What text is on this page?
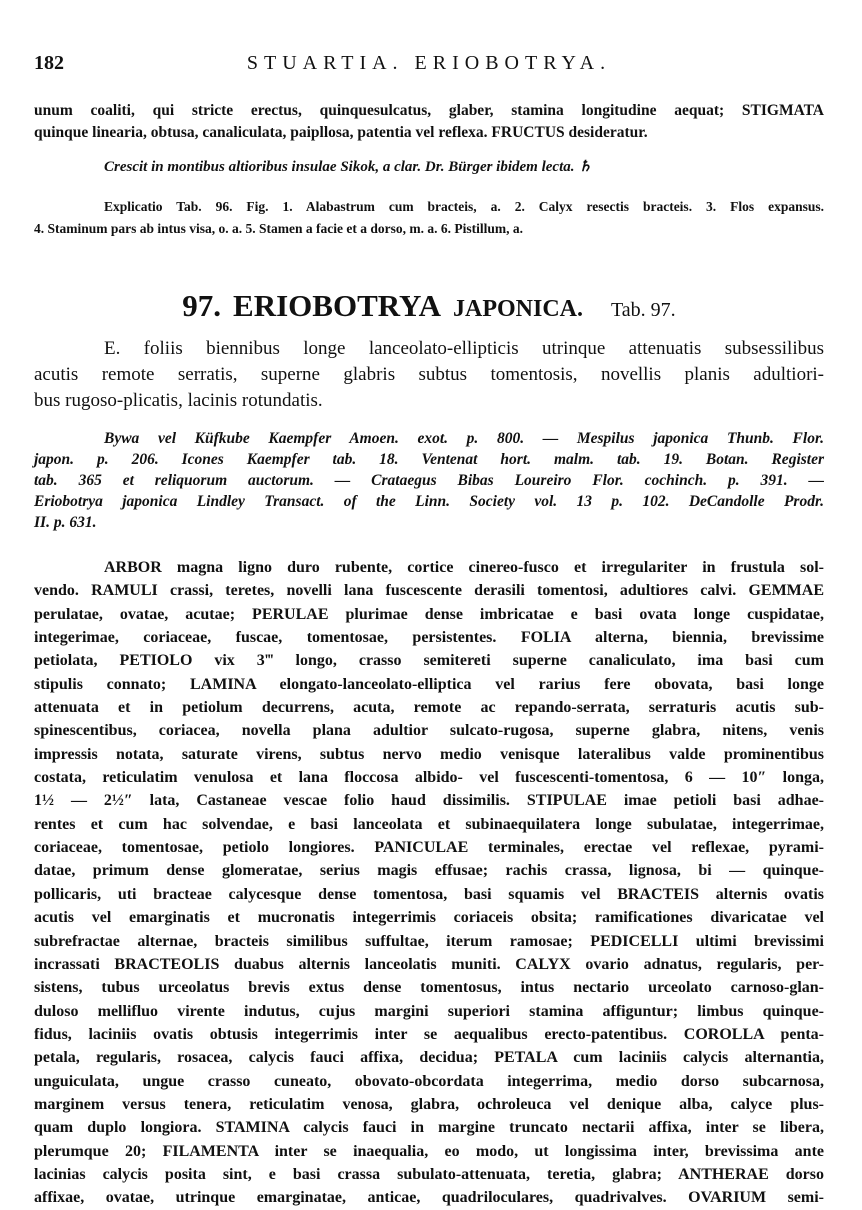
182	STUARTIA. ERIOBOTRYA.

unum coaliti, qui stricte erectus, quinquesulcatus, glaber, stamina longitudine aequat; STIGMATA

quinque linearia, obtusa, canaliculata, paipllosa, patentia vel reflexa. FRUCTUS desideratur.

Crescit in montibus altioribus insulae Sikok, a clar. Dr. Bürger ibidem lecta. ♄

Explicatio Tab. 96. Fig. 1. Alabastrum cum bracteis, a. 2. Calyx resectis bracteis. 3. Flos expansus.

4. Staminum pars ab intus visa, o. a. 5. Stamen a facie et a dorso, m. a. 6. Pistillum, a.

97. ERIOBOTRYA JAPONICA. Tab. 97.

E. foliis biennibus longe lanceolato-ellipticis utrinque attenuatis subsessilibus

acutis remote serratis, superne glabris subtus tomentosis, novellis planis adultiori-

bus rugoso-plicatis, lacinis rotundatis.

Bywa vel Küfkube Kaempfer Amoen. exot. p. 800. — Mespilus japonica Thunb. Flor.

japon. p. 206. Icones Kaempfer tab. 18. Ventenat hort. malm. tab. 19. Botan. Register

tab. 365 et reliquorum auctorum. — Crataegus Bibas Loureiro Flor. cochinch. p. 391. —

Eriobotrya japonica Lindley Transact. of the Linn. Society vol. 13 p. 102. DeCandolle Prodr.

II. p. 631.

ARBOR magna ligno duro rubente, cortice cinereo-fusco et irregulariter in frustula sol-

vendo. RAMULI crassi, teretes, novelli lana fuscescente derasili tomentosi, adultiores calvi. GEMMAE

perulatae, ovatae, acutae; PERULAE plurimae dense imbricatae e basi ovata longe cuspidatae,

integerimae, coriaceae, fuscae, tomentosae, persistentes. FOLIA alterna, biennia, brevissime

petiolata, PETIOLO vix 3‴ longo, crasso semitereti superne canaliculato, ima basi cum

stipulis connato; LAMINA elongato-lanceolato-elliptica vel rarius fere obovata, basi longe

attenuata et in petiolum decurrens, acuta, remote ac repando-serrata, serraturis acutis sub-

spinescentibus, coriacea, novella plana adultior sulcato-rugosa, superne glabra, nitens, venis

impressis notata, saturate virens, subtus nervo medio venisque lateralibus valde prominentibus

costata, reticulatim venulosa et lana floccosa albido- vel fuscescenti-tomentosa, 6 — 10″ longa,

1½ — 2½″ lata, Castaneae vescae folio haud dissimilis. STIPULAE imae petioli basi adhae-

rentes et cum hac solvendae, e basi lanceolata et subinaequilatera longe subulatae, integerrimae,

coriaceae, tomentosae, petiolo longiores. PANICULAE terminales, erectae vel reflexae, pyrami-

datae, primum dense glomeratae, serius magis effusae; rachis crassa, lignosa, bi — quinque-

pollicaris, uti bracteae calycesque dense tomentosa, basi squamis vel BRACTEIS alternis ovatis

acutis vel emarginatis et mucronatis integerrimis coriaceis obsita; ramificationes divaricatae vel

subrefractae alternae, bracteis similibus suffultae, iterum ramosae; PEDICELLI ultimi brevissimi

incrassati BRACTEOLIS duabus alternis lanceolatis muniti. CALYX ovario adnatus, regularis, per-

sistens, tubus urceolatus brevis extus dense tomentosus, intus nectario urceolato carnoso-glan-

duloso mellifluo virente indutus, cujus margini superiori stamina affiguntur; limbus quinque-

fidus, laciniis ovatis obtusis integerrimis inter se aequalibus erecto-patentibus. COROLLA penta-

petala, regularis, rosacea, calycis fauci affixa, decidua; PETALA cum laciniis calycis alternantia,

unguiculata, ungue crasso cuneato, obovato-obcordata integerrima, medio dorso subcarnosa,

marginem versus tenera, reticulatim venosa, glabra, ochroleuca vel denique alba, calyce plus-

quam duplo longiora. STAMINA calycis fauci in margine truncato nectarii affixa, inter se libera,

plerumque 20; FILAMENTA inter se inaequalia, eo modo, ut longissima inter, brevissima ante

lacinias calycis posita sint, e basi crassa subulato-attenuata, teretia, glabra; ANTHERAE dorso

affixae, ovatae, utrinque emarginatae, anticae, quadriloculares, quadrivalves. OVARIUM semi-
